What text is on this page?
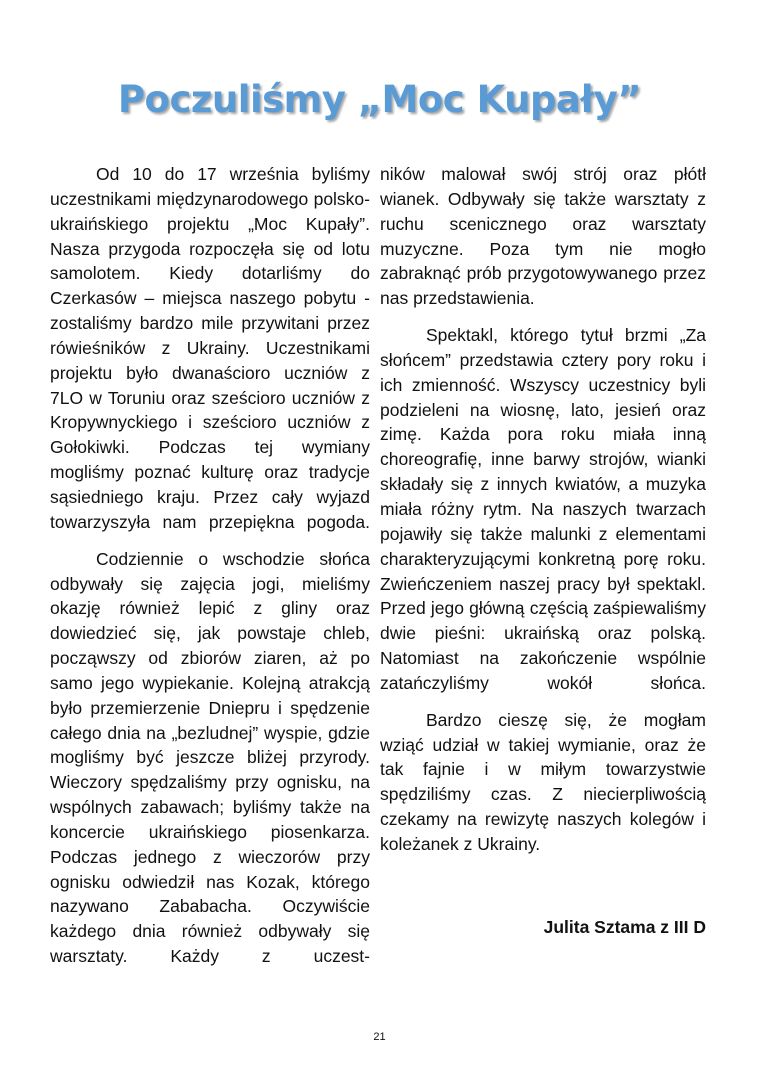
Poczuliśmy „Moc Kupały”

Od 10 do 17 września byliśmy uczestnikami międzynarodowego polsko-ukraińskiego projektu „Moc Kupały”. Nasza przygoda rozpoczęła się od lotu samolotem. Kiedy dotarliśmy do Czerkasów – miejsca naszego pobytu - zostaliśmy bardzo mile przywitani przez rówieśników z Ukrainy. Uczestnikami projektu było dwanaścioro uczniów z 7LO w Toruniu oraz sześcioro uczniów z Kropywnyckiego i sześcioro uczniów z Gołokiwki. Podczas tej wymiany mogliśmy poznać kulturę oraz tradycje sąsiedniego kraju. Przez cały wyjazd towarzyszyła nam przepiękna pogoda.

Codziennie o wschodzie słońca odbywały się zajęcia jogi, mieliśmy okazję również lepić z gliny oraz dowiedzieć się, jak powstaje chleb, począwszy od zbiorów ziaren, aż po samo jego wypiekanie. Kolejną atrakcją było przemierzenie Dniepru i spędzenie całego dnia na „bezludnej” wyspie, gdzie mogliśmy być jeszcze bliżej przyrody. Wieczory spędzaliśmy przy ognisku, na wspólnych zabawach; byliśmy także na koncercie ukraińskiego piosenkarza. Podczas jednego z wieczorów przy ognisku odwiedził nas Kozak, którego nazywano Zababacha. Oczywiście każdego dnia również odbywały się warsztaty. Każdy z uczest-

ników malował swój strój oraz płótł wianek. Odbywały się także warsztaty z ruchu scenicznego oraz warsztaty muzyczne. Poza tym nie mogło zabraknąć prób przygotowywanego przez nas przedstawienia.

Spektakl, którego tytuł brzmi „Za słońcem” przedstawia cztery pory roku i ich zmienność. Wszyscy uczestnicy byli podzieleni na wiosnę, lato, jesień oraz zimę. Każda pora roku miała inną choreografię, inne barwy strojów, wianki składały się z innych kwiatów, a muzyka miała różny rytm. Na naszych twarzach pojawiły się także malunki z elementami charakteryzującymi konkretną porę roku. Zwieńczeniem naszej pracy był spektakl. Przed jego główną częścią zaśpiewaliśmy dwie pieśni: ukraińską oraz polską. Natomiast na zakończenie wspólnie zatańczyliśmy wokół słońca.

Bardzo cieszę się, że mogłam wziąć udział w takiej wymianie, oraz że tak fajnie i w miłym towarzystwie spędziliśmy czas. Z niecierpliwością czekamy na rewizytę naszych kolegów i koleżanek z Ukrainy.

Julita Sztama z III D

21
